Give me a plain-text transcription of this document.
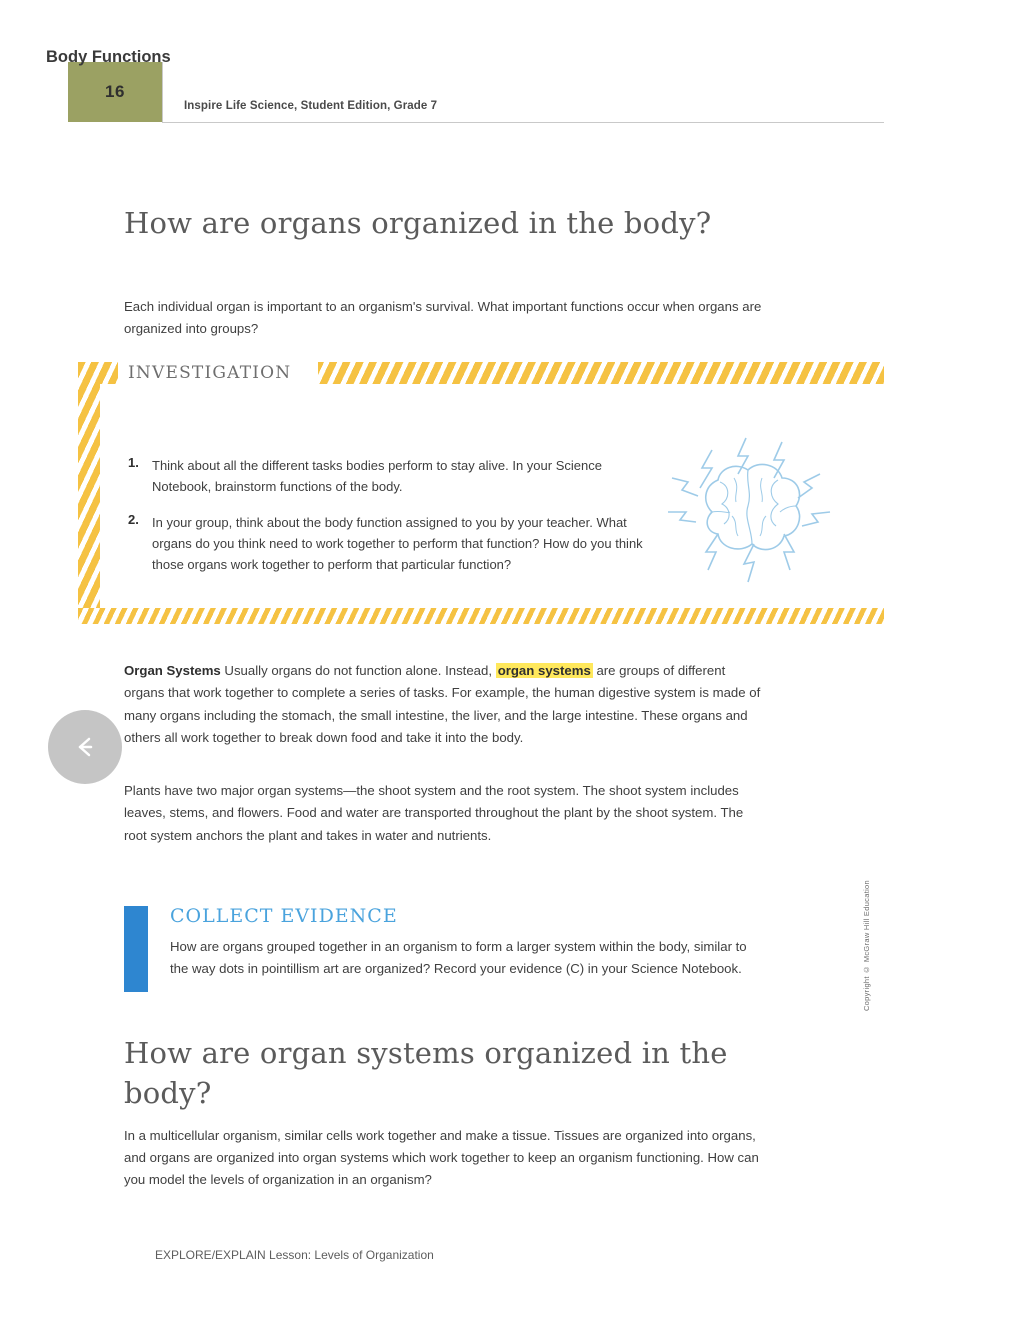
16
Inspire Life Science, Student Edition, Grade 7
How are organs organized in the body?
Each individual organ is important to an organism's survival. What important functions occur when organs are organized into groups?
INVESTIGATION
Body Functions
1. Think about all the different tasks bodies perform to stay alive. In your Science Notebook, brainstorm functions of the body.
2. In your group, think about the body function assigned to you by your teacher. What organs do you think need to work together to perform that function? How do you think those organs work together to perform that particular function?
Organ Systems Usually organs do not function alone. Instead, organ systems are groups of different organs that work together to complete a series of tasks. For example, the human digestive system is made of many organs including the stomach, the small intestine, the liver, and the large intestine. These organs and others all work together to break down food and take it into the body.
Plants have two major organ systems—the shoot system and the root system. The shoot system includes leaves, stems, and flowers. Food and water are transported throughout the plant by the shoot system. The root system anchors the plant and takes in water and nutrients.
COLLECT EVIDENCE
How are organs grouped together in an organism to form a larger system within the body, similar to the way dots in pointillism art are organized? Record your evidence (C) in your Science Notebook.
How are organ systems organized in the body?
In a multicellular organism, similar cells work together and make a tissue. Tissues are organized into organs, and organs are organized into organ systems which work together to keep an organism functioning. How can you model the levels of organization in an organism?
Copyright © McGraw Hill Education
EXPLORE/EXPLAIN Lesson: Levels of Organization
